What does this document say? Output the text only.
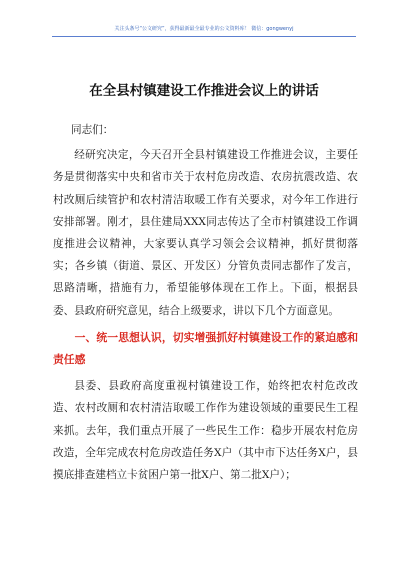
关注头条号“公文研究”，获得最新最全最专业的公文资料库！ 微信：gongwenyj
在全县村镇建设工作推进会议上的讲话

同志们：

经研究决定，今天召开全县村镇建设工作推进会议，主要任务是贯彻落实中央和省市关于农村危房改造、农房抗震改造、农村改厕后续管护和农村清洁取暖工作有关要求，对今年工作进行安排部署。刚才，县住建局XXX同志传达了全市村镇建设工作调度推进会议精神，大家要认真学习领会会议精神，抓好贯彻落实；各乡镇（街道、景区、开发区）分管负责同志都作了发言，思路清晰，措施有力，希望能够体现在工作上。下面，根据县委、县政府研究意见，结合上级要求，讲以下几个方面意见。

一、统一思想认识，切实增强抓好村镇建设工作的紧迫感和责任感

县委、县政府高度重视村镇建设工作，始终把农村危改改造、农村改厕和农村清洁取暖工作作为建设领域的重要民生工程来抓。去年，我们重点开展了一些民生工作：稳步开展农村危房改造，全年完成农村危房改造任务X户（其中市下达任务X户，县摸底排查建档立卡贫困户第一批X户、第二批X户）；
